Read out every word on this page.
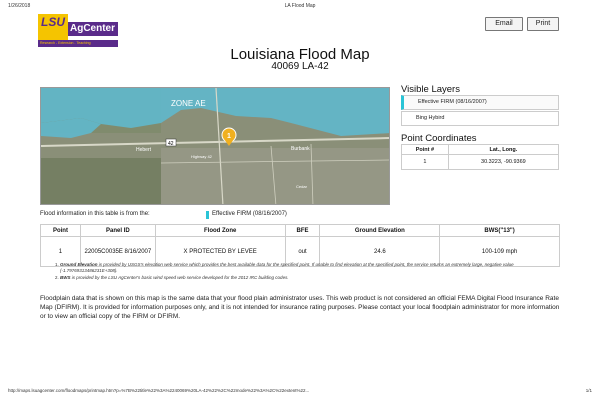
1/26/2018	LA Flood Map
LSU AgCenter
Research - Extension - Teaching
Email	Print
Louisiana Flood Map
40069 LA-42
ZONE AE
42
Hebert	Burbank
Highway 42
Cedar
1
Visible Layers
Effective FIRM (08/16/2007)
Bing Hybird
Point Coordinates
Point #	Lat., Long.
1	30.3223, -90.9369
Flood information in this table is from the:	Effective FIRM (08/16/2007)
Point	Panel ID	Flood Zone	BFE	Ground Elevation	BWS("13")
1	22005C0035E 8/16/2007	X PROTECTED BY LEVEE	out	24.6	100-109 mph
1. Ground Elevation is provided by USGS's elevation web service which provides the best available data for the specified point. If unable to find elevation at the specified point, the service returns an extremely large, negative value (-1.79769313486231E+308).
2. BWS is provided by the LSU AgCenter's basic wind speed web service developed for the 2012 IRC building codes.

Floodplain data that is shown on this map is the same data that your flood plain administrator uses. This web product is not considered an official FEMA Digital Flood Insurance Rate Map (DFIRM). It is provided for information purposes only, and it is not intended for insurance rating purposes. Please contact your local floodplain administrator for more information or to view an official copy of the FIRM or DFIRM.

http://maps.lsuagcenter.com/floodmaps/printmap.htm?p=%7B%22title%22%3A%2240069%20LA-42%22%2C%22mode%22%3A%2C%22extent%22...	1/1
